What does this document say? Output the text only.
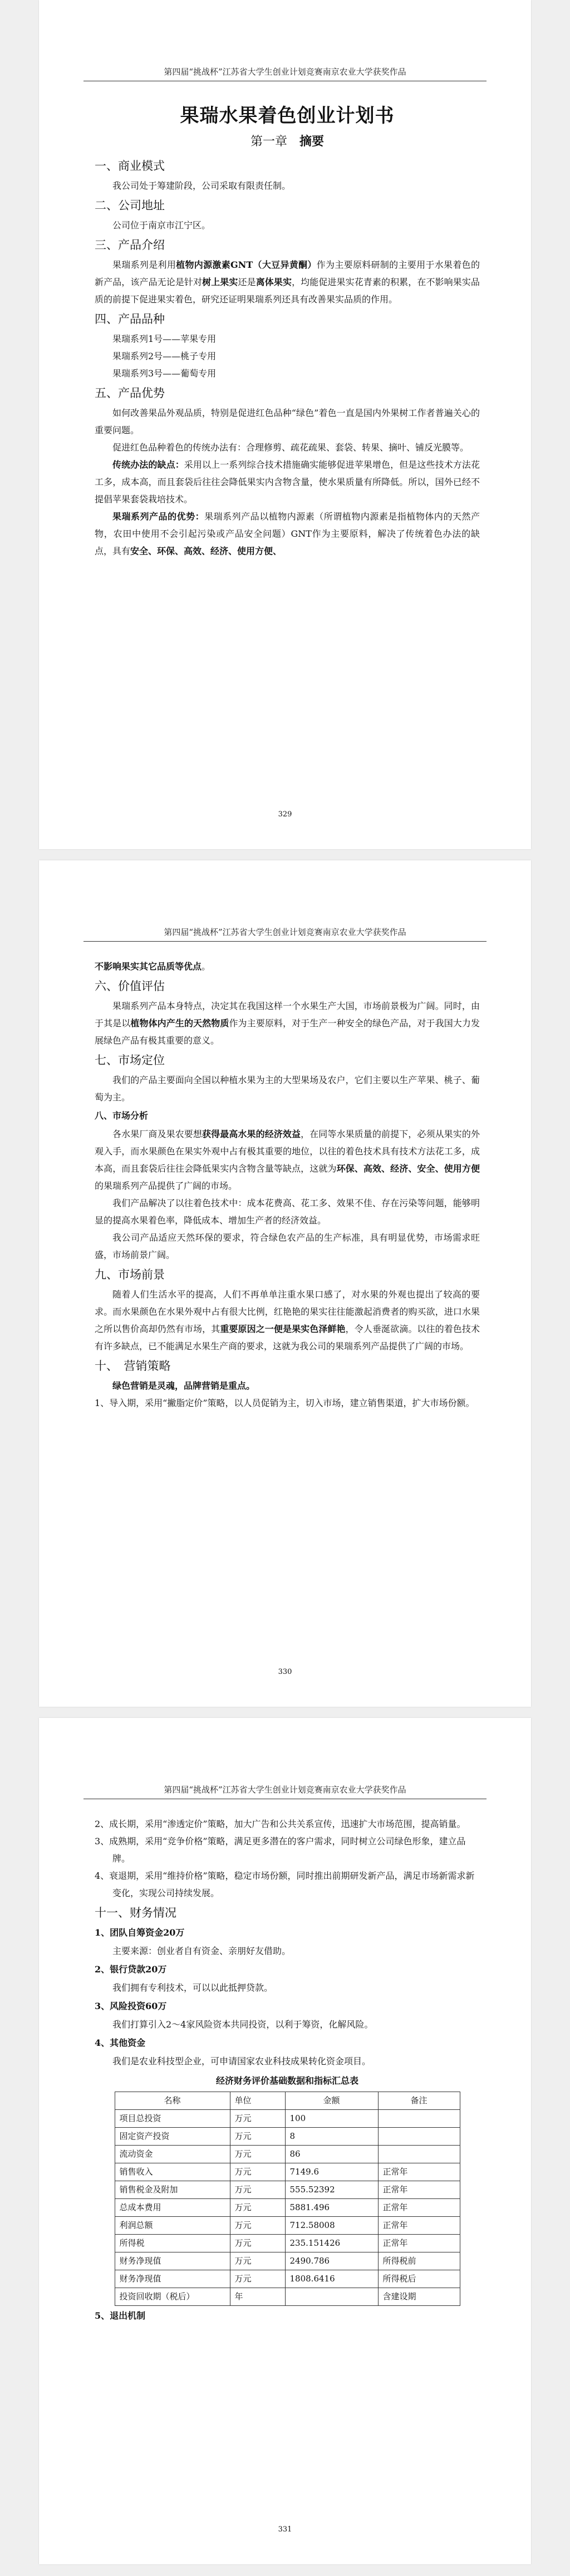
第四届“挑战杯”江苏省大学生创业计划竞赛南京农业大学获奖作品
果瑞水果着色创业计划书
第一章　 摘要
一、商业模式

我公司处于筹建阶段，公司采取有限责任制。

二、公司地址

公司位于南京市江宁区。

三、产品介绍

果瑞系列是利用植物内源激素GNT（大豆异黄酮）作为主要原料研制的主要用于水果着色的新产品，该产品无论是针对树上果实还是离体果实，均能促进果实花青素的积累，在不影响果实品质的前提下促进果实着色，研究还证明果瑞系列还具有改善果实品质的作用。

四、产品品种

果瑞系列1号——苹果专用

果瑞系列2号——桃子专用

果瑞系列3号——葡萄专用

五、产品优势

如何改善果品外观品质，特别是促进红色品种“绿色”着色一直是国内外果树工作者普遍关心的重要问题。

促进红色品种着色的传统办法有：合理修剪、疏花疏果、套袋、转果、摘叶、铺反光膜等。

传统办法的缺点：采用以上一系列综合技术措施确实能够促进苹果增色，但是这些技术方法花工多，成本高，而且套袋后往往会降低果实内含物含量，使水果质量有所降低。所以，国外已经不提倡苹果套袋栽培技术。

果瑞系列产品的优势：果瑞系列产品以植物内源素（所谓植物内源素是指植物体内的天然产物，农田中使用不会引起污染或产品安全问题）GNT作为主要原料，解决了传统着色办法的缺点，具有安全、环保、高效、经济、使用方便、

329
第四届“挑战杯”江苏省大学生创业计划竞赛南京农业大学获奖作品

不影响果实其它品质等优点。

六、价值评估

果瑞系列产品本身特点，决定其在我国这样一个水果生产大国，市场前景极为广阔。同时，由于其是以植物体内产生的天然物质作为主要原料，对于生产一种安全的绿色产品，对于我国大力发展绿色产品有极其重要的意义。

七、市场定位

我们的产品主要面向全国以种植水果为主的大型果场及农户，它们主要以生产苹果、桃子、葡萄为主。

八、市场分析

各水果厂商及果农要想获得最高水果的经济效益，在同等水果质量的前提下，必须从果实的外观入手，而水果颜色在果实外观中占有极其重要的地位，以往的着色技术具有技术方法花工多，成本高，而且套袋后往往会降低果实内含物含量等缺点，这就为环保、高效、经济、安全、使用方便的果瑞系列产品提供了广阔的市场。

我们产品解决了以往着色技术中：成本花费高、花工多、效果不佳、存在污染等问题，能够明显的提高水果着色率，降低成本、增加生产者的经济效益。

我公司产品适应天然环保的要求，符合绿色农产品的生产标准，具有明显优势，市场需求旺盛，市场前景广阔。

九、市场前景

随着人们生活水平的提高，人们不再单单注重水果口感了，对水果的外观也提出了较高的要求。而水果颜色在水果外观中占有很大比例，红艳艳的果实往往能激起消费者的购买欲，进口水果之所以售价高却仍然有市场，其重要原因之一便是果实色泽鲜艳，令人垂涎欲滴。以往的着色技术有许多缺点，已不能满足水果生产商的要求，这就为我公司的果瑞系列产品提供了广阔的市场。

十、　营销策略

绿色营销是灵魂，品牌营销是重点。

1、导入期，采用“撇脂定价”策略，以人员促销为主，切入市场，建立销售渠道，扩大市场份额。

330
第四届“挑战杯”江苏省大学生创业计划竞赛南京农业大学获奖作品

2、成长期，采用“渗透定价”策略，加大广告和公共关系宣传，迅速扩大市场范围，提高销量。

3、成熟期，采用“竞争价格”策略，满足更多潜在的客户需求，同时树立公司绿色形象，建立品牌。

4、衰退期，采用“维持价格”策略，稳定市场份额，同时推出前期研发新产品，满足市场新需求新变化，实现公司持续发展。

十一、财务情况
1、团队自筹资金20万

主要来源：创业者自有资金、亲朋好友借助。

2、银行贷款20万

我们拥有专利技术，可以以此抵押贷款。

3、风险投资60万

我们打算引入2～4家风险资本共同投资，以利于筹资，化解风险。

4、其他资金

我们是农业科技型企业，可申请国家农业科技成果转化资金项目。

经济财务评价基础数据和指标汇总表
名称	单位	金额	备注
项目总投资	万元	100	
固定资产投资	万元	8	
流动资金	万元	86	
销售收入	万元	7149.6	正常年
销售税金及附加	万元	555.52392	正常年
总成本费用	万元	5881.496	正常年
利润总额	万元	712.58008	正常年
所得税	万元	235.151426	正常年
财务净现值	万元	2490.786	所得税前
财务净现值	万元	1808.6416	所得税后
投资回收期（税后）	年		含建设期
5、退出机制
331
